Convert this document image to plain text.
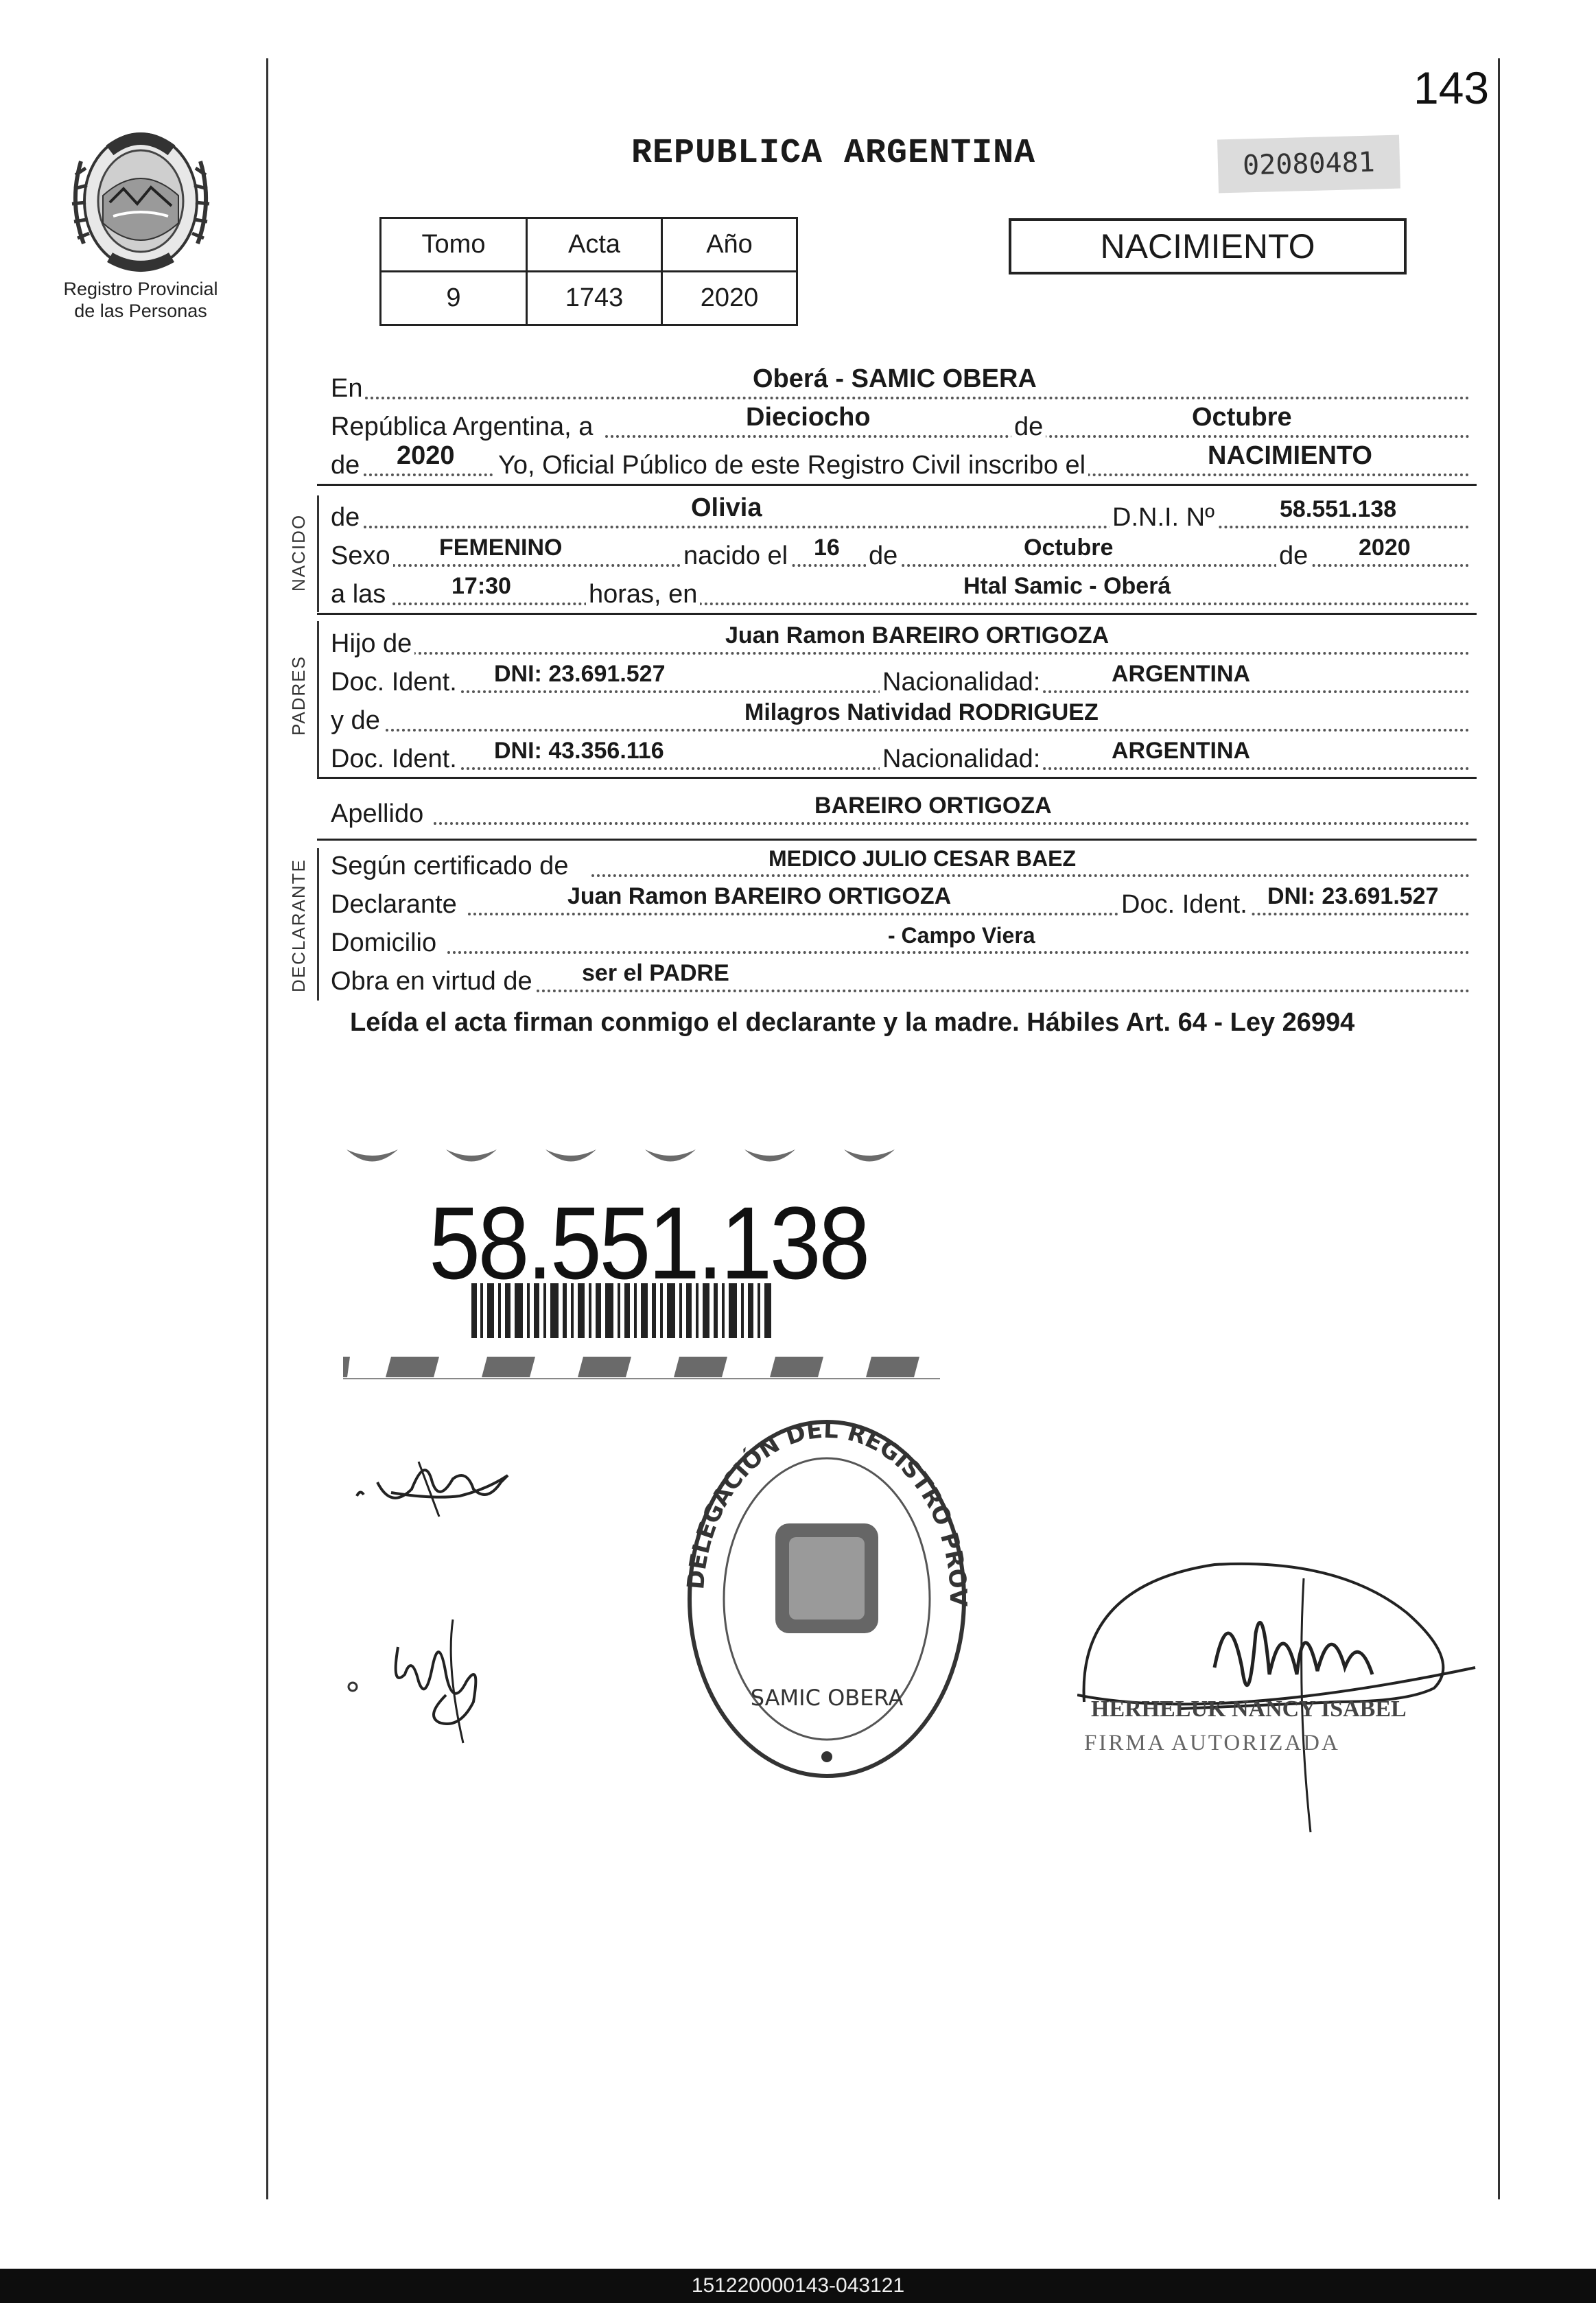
143
Registro Provincial
de las Personas
REPUBLICA ARGENTINA	02080481
Tomo	Acta	Año
9	1743	2020
NACIMIENTO
En	Oberá - SAMIC OBERA
República Argentina, a	Dieciocho	de	Octubre
de 2020 Yo, Oficial Público de este Registro Civil inscribo el	NACIMIENTO
de	Olivia	D.N.I. Nº	58.551.138
Sexo FEMENINO	nacido el 16 de	Octubre	de 2020
a las	17:30	horas, en	Htal Samic - Oberá
Hijo de	Juan Ramon BAREIRO ORTIGOZA
Doc. Ident. DNI: 23.691.527	Nacionalidad:	ARGENTINA
y de	Milagros Natividad RODRIGUEZ
Doc. Ident. DNI: 43.356.116	Nacionalidad:	ARGENTINA
Apellido	BAREIRO ORTIGOZA
Según certificado de	MEDICO JULIO CESAR BAEZ
Declarante	Juan Ramon BAREIRO ORTIGOZA	Doc. Ident. DNI: 23.691.527
Domicilio	- Campo Viera
Obra en virtud de ser el PADRE
NACIDO
PADRES
DECLARANTE
Leída el acta firman conmigo el declarante y la madre. Hábiles Art. 64 - Ley 26994
58.551.138
DELEGACIÓN DEL REGISTRO PROV
SAMIC OBERA	HERHELUK NANCY ISABEL
FIRMA AUTORIZADA
151220000143-043121
